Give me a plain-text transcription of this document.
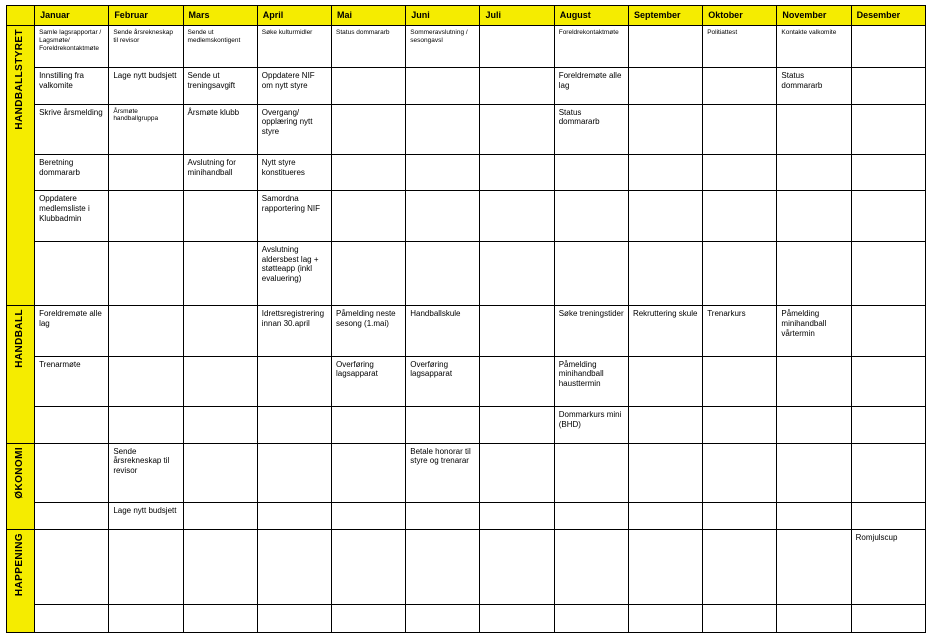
	Januar	Februar	Mars	April	Mai	Juni	Juli	August	September	Oktober	November	Desember
HANDBALLSTYRET	Samle lagsrapportar / Lagsmøte/ Foreldrekontaktmøte	Sende årsrekneskap til revisor	Sende ut medlemskontigent	Søke kulturmidler	Status dommararb	Sommeravslutning / sesongavsl		Foreldrekontaktmøte		Politiattest	Kontakte valkomite	
	Innstilling fra valkomite	Lage nytt budsjett	Sende ut treningsavgift	Oppdatere NIF om nytt styre				Foreldremøte alle lag			Status dommararb	
	Skrive årsmelding	Årsmøte handballgruppa	Årsmøte klubb	Overgang/ opplæring nytt styre				Status dommararb				
	Beretning dommararb		Avslutning for minihandball	Nytt styre konstitueres								
	Oppdatere medlemsliste i Klubbadmin			Samordna rapportering NIF								
				Avslutning aldersbest lag + støtteapp (inkl evaluering)								
HANDBALL	Foreldremøte alle lag			Idrettsregistrering innan 30.april	Påmelding neste sesong (1.mai)	Handballskule		Søke treningstider	Rekruttering skule	Trenarkurs	Påmelding minihandball vårtermin	
	Trenarmøte				Overføring lagsapparat	Overføring lagsapparat		Påmelding minihandball hausttermin				
								Dommarkurs mini (BHD)				
ØKONOMI		Sende årsrekneskap til revisor				Betale honorar til styre og trenarar						
		Lage nytt budsjett										
HAPPENING												Romjulscup
